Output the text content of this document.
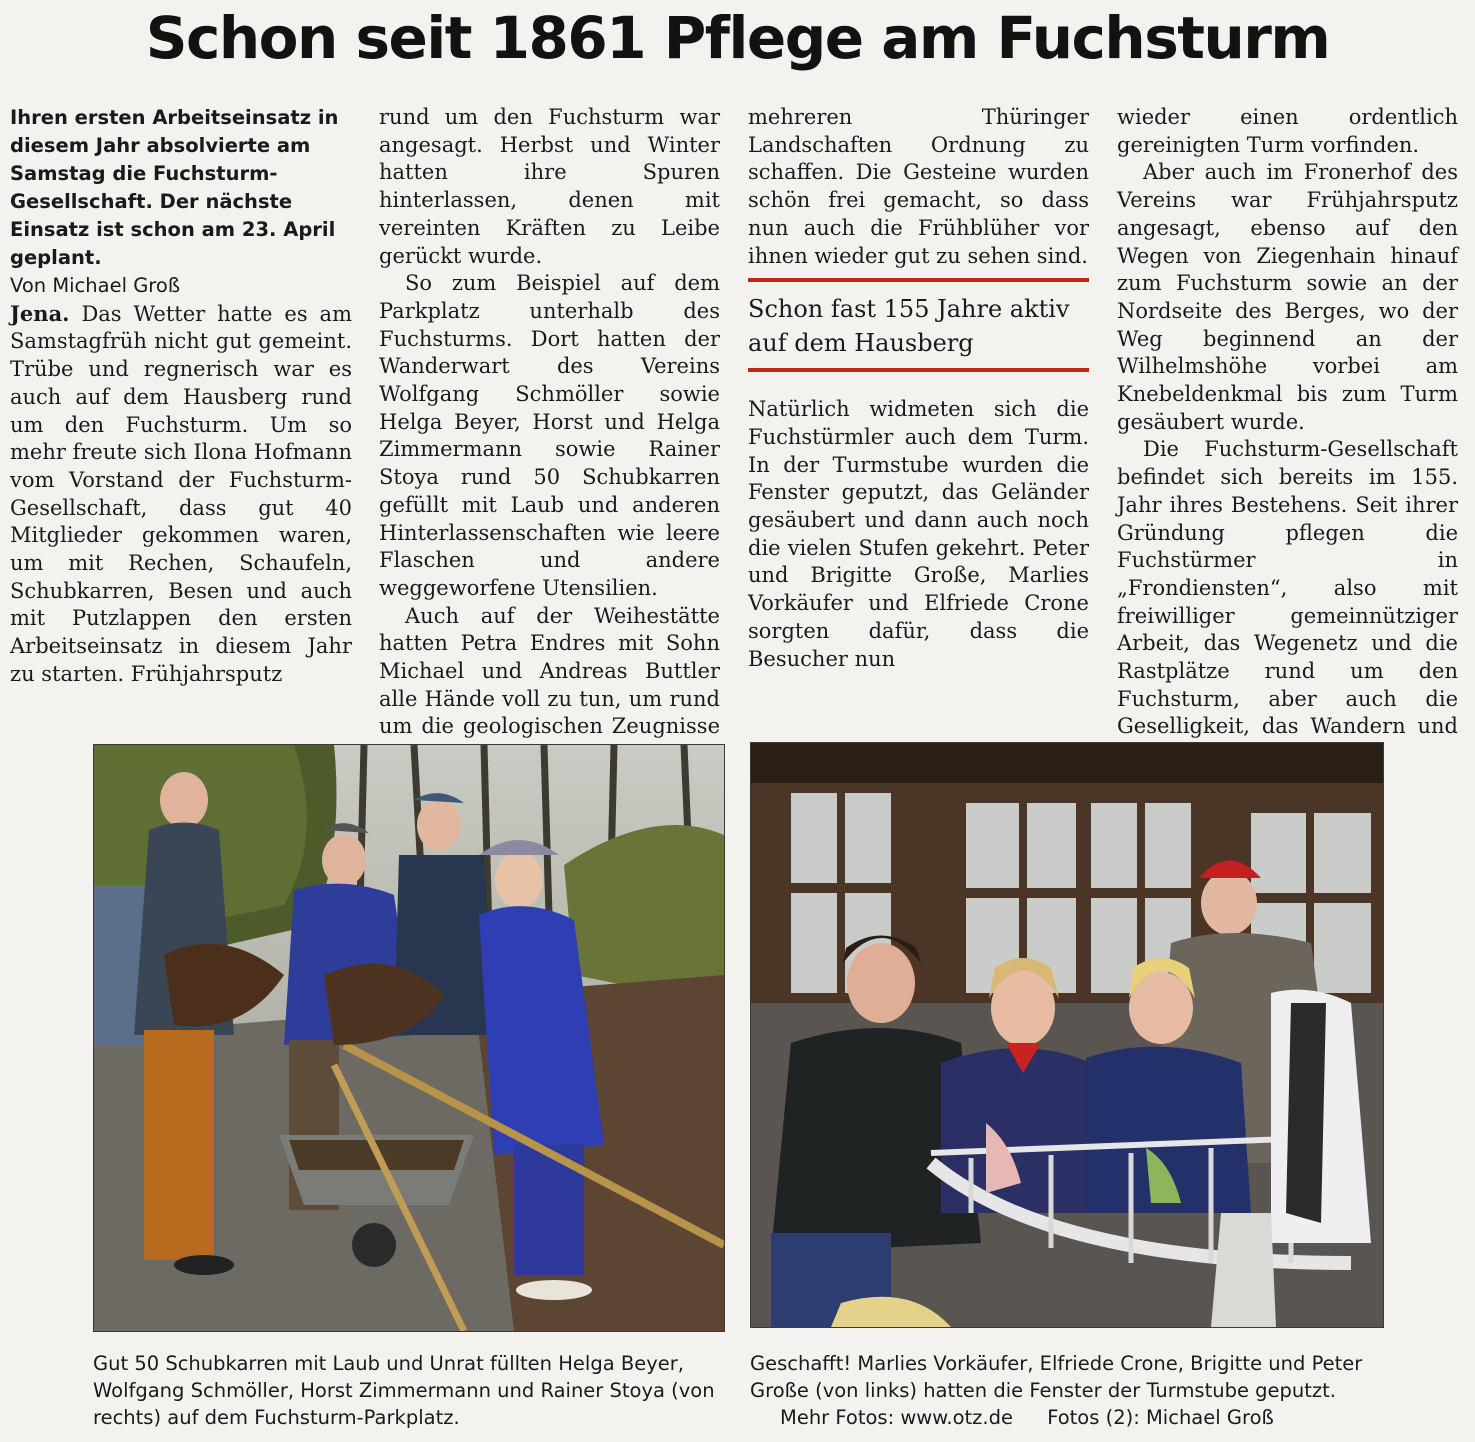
Schon seit 1861 Pflege am Fuchsturm

Ihren ersten Arbeitseinsatz in diesem Jahr absolvierte am Samstag die Fuchsturm-Gesellschaft. Der nächste Einsatz ist schon am 23. April geplant.

Von Michael Groß

Jena. Das Wetter hatte es am Samstagfrüh nicht gut gemeint. Trübe und regnerisch war es auch auf dem Hausberg rund um den Fuchsturm. Um so mehr freute sich Ilona Hofmann vom Vorstand der Fuchsturm-Gesellschaft, dass gut 40 Mitglieder gekommen waren, um mit Rechen, Schaufeln, Schubkarren, Besen und auch mit Putzlappen den ersten Arbeitseinsatz in diesem Jahr zu starten. Frühjahrsputz

rund um den Fuchsturm war angesagt. Herbst und Winter hatten ihre Spuren hinterlassen, denen mit vereinten Kräften zu Leibe gerückt wurde.

So zum Beispiel auf dem Parkplatz unterhalb des Fuchsturms. Dort hatten der Wanderwart des Vereins Wolfgang Schmöller sowie Helga Beyer, Horst und Helga Zimmermann sowie Rainer Stoya rund 50 Schubkarren gefüllt mit Laub und anderen Hinterlassenschaften wie leere Flaschen und andere weggeworfene Utensilien.

Auch auf der Weihestätte hatten Petra Endres mit Sohn Michael und Andreas Buttler alle Hände voll zu tun, um rund um die geologischen Zeugnisse

mehreren Thüringer Landschaften Ordnung zu schaffen. Die Gesteine wurden schön frei gemacht, so dass nun auch die Frühblüher vor ihnen wieder gut zu sehen sind.

Schon fast 155 Jahre aktiv auf dem Hausberg

Natürlich widmeten sich die Fuchstürmler auch dem Turm. In der Turmstube wurden die Fenster geputzt, das Geländer gesäubert und dann auch noch die vielen Stufen gekehrt. Peter und Brigitte Große, Marlies Vorkäufer und Elfriede Crone sorgten dafür, dass die Besucher nun

wieder einen ordentlich gereinigten Turm vorfinden.

Aber auch im Fronerhof des Vereins war Frühjahrsputz angesagt, ebenso auf den Wegen von Ziegenhain hinauf zum Fuchsturm sowie an der Nordseite des Berges, wo der Weg beginnend an der Wilhelmshöhe vorbei am Knebeldenkmal bis zum Turm gesäubert wurde.

Die Fuchsturm-Gesellschaft befindet sich bereits im 155. Jahr ihres Bestehens. Seit ihrer Gründung pflegen die Fuchstürmer in „Frondiensten“, also mit freiwilliger gemeinnütziger Arbeit, das Wegenetz und die Rastplätze rund um den Fuchsturm, aber auch die Geselligkeit, das Wandern und

Gut 50 Schubkarren mit Laub und Unrat füllten Helga Beyer, Wolfgang Schmöller, Horst Zimmermann und Rainer Stoya (von rechts) auf dem Fuchsturm-Parkplatz.
Geschafft! Marlies Vorkäufer, Elfriede Crone, Brigitte und Peter Große (von links) hatten die Fenster der Turmstube geputzt. Mehr Fotos: www.otz.de Fotos (2): Michael Groß
